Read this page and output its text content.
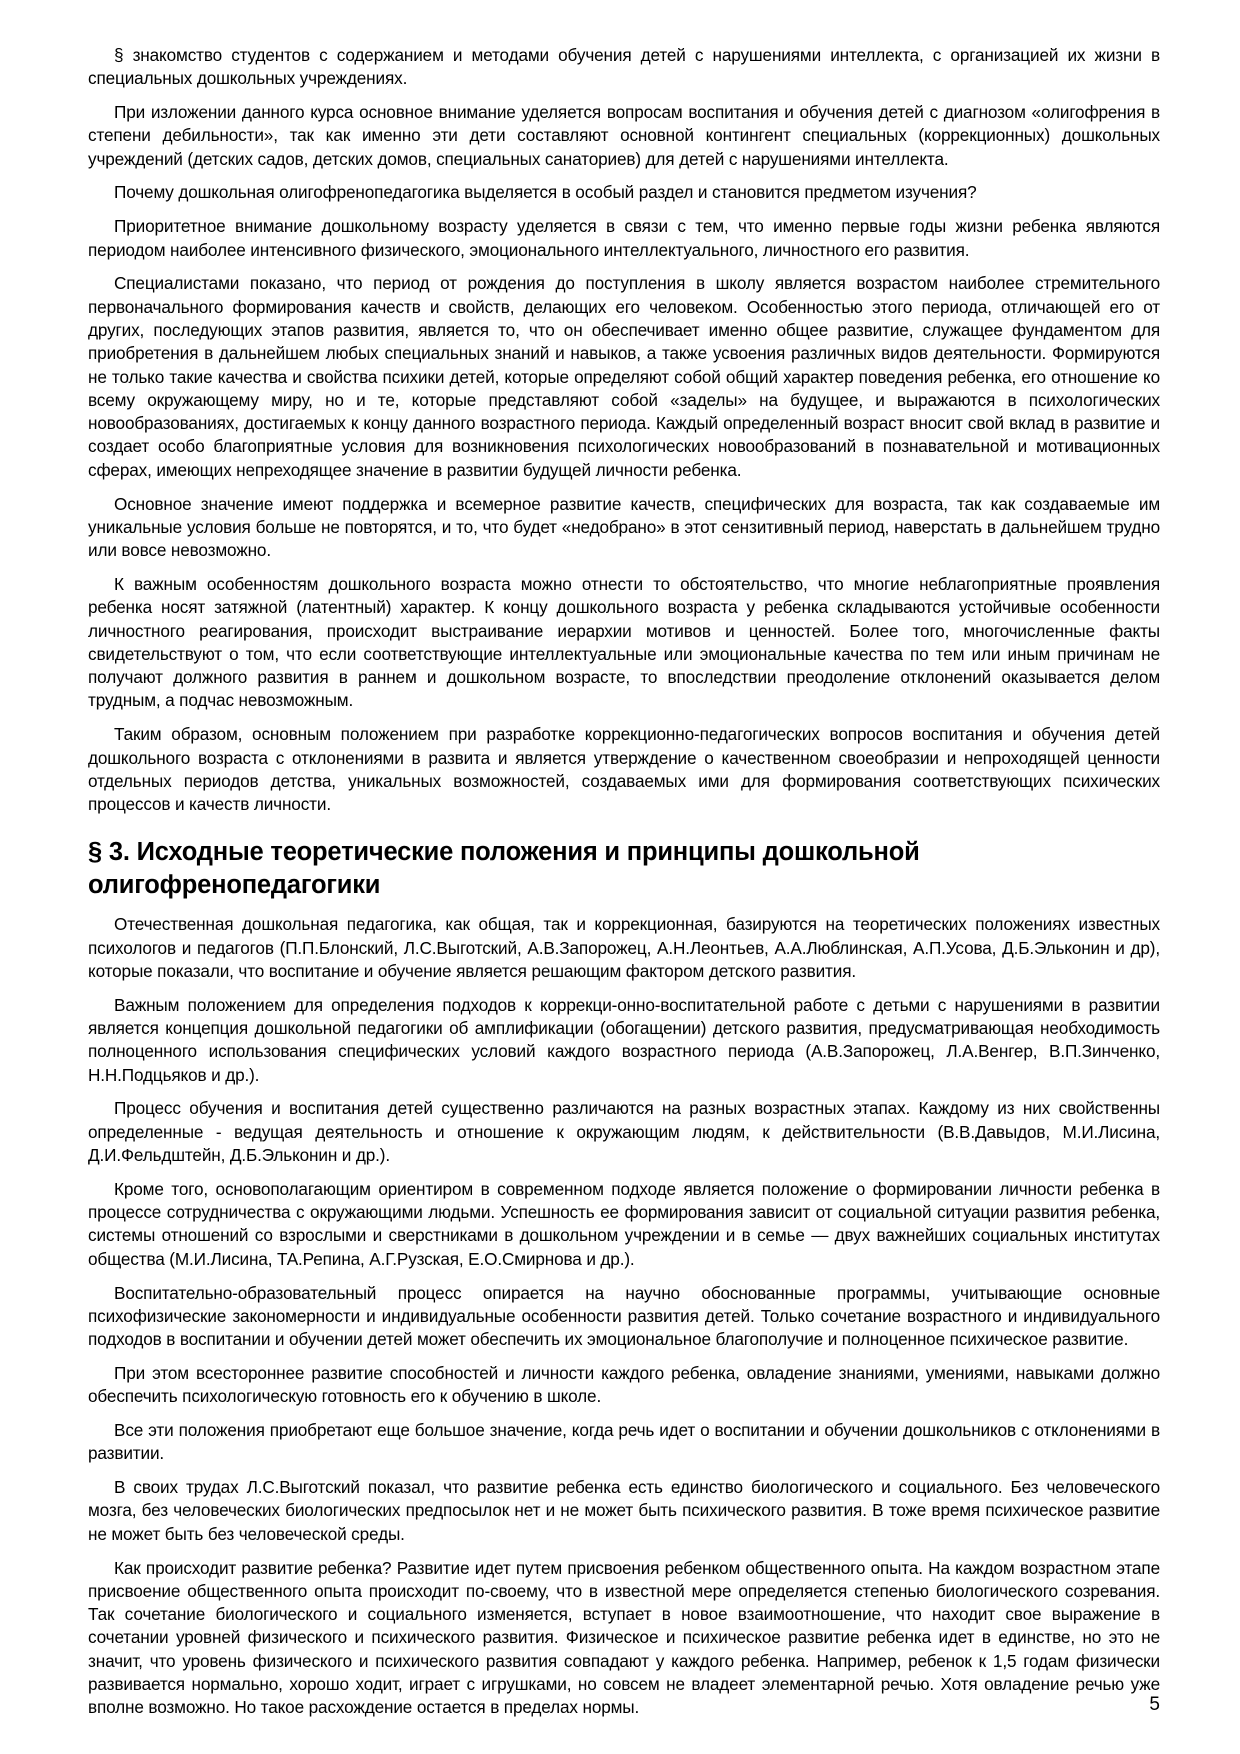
§ знакомство студентов с содержанием и методами обучения детей с нарушениями интеллекта, с организацией их жизни в специальных дошкольных учреждениях.

При изложении данного курса основное внимание уделяется вопросам воспитания и обучения детей с диагнозом «олигофрения в степени дебильности», так как именно эти дети составляют основной контингент специальных (коррекционных) дошкольных учреждений (детских садов, детских домов, специальных санаториев) для детей с нарушениями интеллекта.

Почему дошкольная олигофренопедагогика выделяется в особый раздел и становится предметом изучения?

Приоритетное внимание дошкольному возрасту уделяется в связи с тем, что именно первые годы жизни ребенка являются периодом наиболее интенсивного физического, эмоционального интеллектуального, личностного его развития.

Специалистами показано, что период от рождения до поступления в школу является возрастом наиболее стремительного первоначального формирования качеств и свойств, делающих его человеком. Особенностью этого периода, отличающей его от других, последующих этапов развития, является то, что он обеспечивает именно общее развитие, служащее фундаментом для приобретения в дальнейшем любых специальных знаний и навыков, а также усвоения различных видов деятельности. Формируются не только такие качества и свойства психики детей, которые определяют собой общий характер поведения ребенка, его отношение ко всему окружающему миру, но и те, которые представляют собой «заделы» на будущее, и выражаются в психологических новообразованиях, достигаемых к концу данного возрастного периода. Каждый определенный возраст вносит свой вклад в развитие и создает особо благоприятные условия для возникновения психологических новообразований в познавательной и мотивационных сферах, имеющих непреходящее значение в развитии будущей личности ребенка.

Основное значение имеют поддержка и всемерное развитие качеств, специфических для возраста, так как создаваемые им уникальные условия больше не повторятся, и то, что будет «недобрано» в этот сензитивный период, наверстать в дальнейшем трудно или вовсе невозможно.

К важным особенностям дошкольного возраста можно отнести то обстоятельство, что многие неблагоприятные проявления ребенка носят затяжной (латентный) характер. К концу дошкольного возраста у ребенка складываются устойчивые особенности личностного реагирования, происходит выстраивание иерархии мотивов и ценностей. Более того, многочисленные факты свидетельствуют о том, что если соответствующие интеллектуальные или эмоциональные качества по тем или иным причинам не получают должного развития в раннем и дошкольном возрасте, то впоследствии преодоление отклонений оказывается делом трудным, а подчас невозможным.

Таким образом, основным положением при разработке коррекционно-педагогических вопросов воспитания и обучения детей дошкольного возраста с отклонениями в развита и является утверждение о качественном своеобразии и непроходящей ценности отдельных периодов детства, уникальных возможностей, создаваемых ими для формирования соответствующих психических процессов и качеств личности.

§ 3. Исходные теоретические положения и принципы дошкольной олигофренопедагогики

Отечественная дошкольная педагогика, как общая, так и коррекционная, базируются на теоретических положениях известных психологов и педагогов (П.П.Блонский, Л.С.Выготский, А.В.Запорожец, А.Н.Леонтьев, А.А.Люблинская, А.П.Усова, Д.Б.Эльконин и др), которые показали, что воспитание и обучение является решающим фактором детского развития.

Важным положением для определения подходов к коррекци-онно-воспитательной работе с детьми с нарушениями в развитии является концепция дошкольной педагогики об амплификации (обогащении) детского развития, предусматривающая необходимость полноценного использования специфических условий каждого возрастного периода (А.В.Запорожец, Л.А.Венгер, В.П.Зинченко, Н.Н.Подцьяков и др.).

Процесс обучения и воспитания детей существенно различаются на разных возрастных этапах. Каждому из них свойственны определенные - ведущая деятельность и отношение к окружающим людям, к действительности (В.В.Давыдов, М.И.Лисина, Д.И.Фельдштейн, Д.Б.Эльконин и др.).

Кроме того, основополагающим ориентиром в современном подходе является положение о формировании личности ребенка в процессе сотрудничества с окружающими людьми. Успешность ее формирования зависит от социальной ситуации развития ребенка, системы отношений со взрослыми и сверстниками в дошкольном учреждении и в семье — двух важнейших социальных институтах общества (М.И.Лисина, ТА.Репина, А.Г.Рузская, Е.О.Смирнова и др.).

Воспитательно-образовательный процесс опирается на научно обоснованные программы, учитывающие основные психофизические закономерности и индивидуальные особенности развития детей. Только сочетание возрастного и индивидуального подходов в воспитании и обучении детей может обеспечить их эмоциональное благополучие и полноценное психическое развитие.

При этом всестороннее развитие способностей и личности каждого ребенка, овладение знаниями, умениями, навыками должно обеспечить психологическую готовность его к обучению в школе.

Все эти положения приобретают еще большое значение, когда речь идет о воспитании и обучении дошкольников с отклонениями в развитии.

В своих трудах Л.С.Выготский показал, что развитие ребенка есть единство биологического и социального. Без человеческого мозга, без человеческих биологических предпосылок нет и не может быть психического развития. В тоже время психическое развитие не может быть без человеческой среды.

Как происходит развитие ребенка? Развитие идет путем присвоения ребенком общественного опыта. На каждом возрастном этапе присвоение общественного опыта происходит по-своему, что в известной мере определяется степенью биологического созревания. Так сочетание биологического и социального изменяется, вступает в новое взаимоотношение, что находит свое выражение в сочетании уровней физического и психического развития. Физическое и психическое развитие ребенка идет в единстве, но это не значит, что уровень физического и психического развития совпадают у каждого ребенка. Например, ребенок к 1,5 годам физически развивается нормально, хорошо ходит, играет с игрушками, но совсем не владеет элементарной речью. Хотя овладение речью уже вполне возможно. Но такое расхождение остается в пределах нормы.	5
